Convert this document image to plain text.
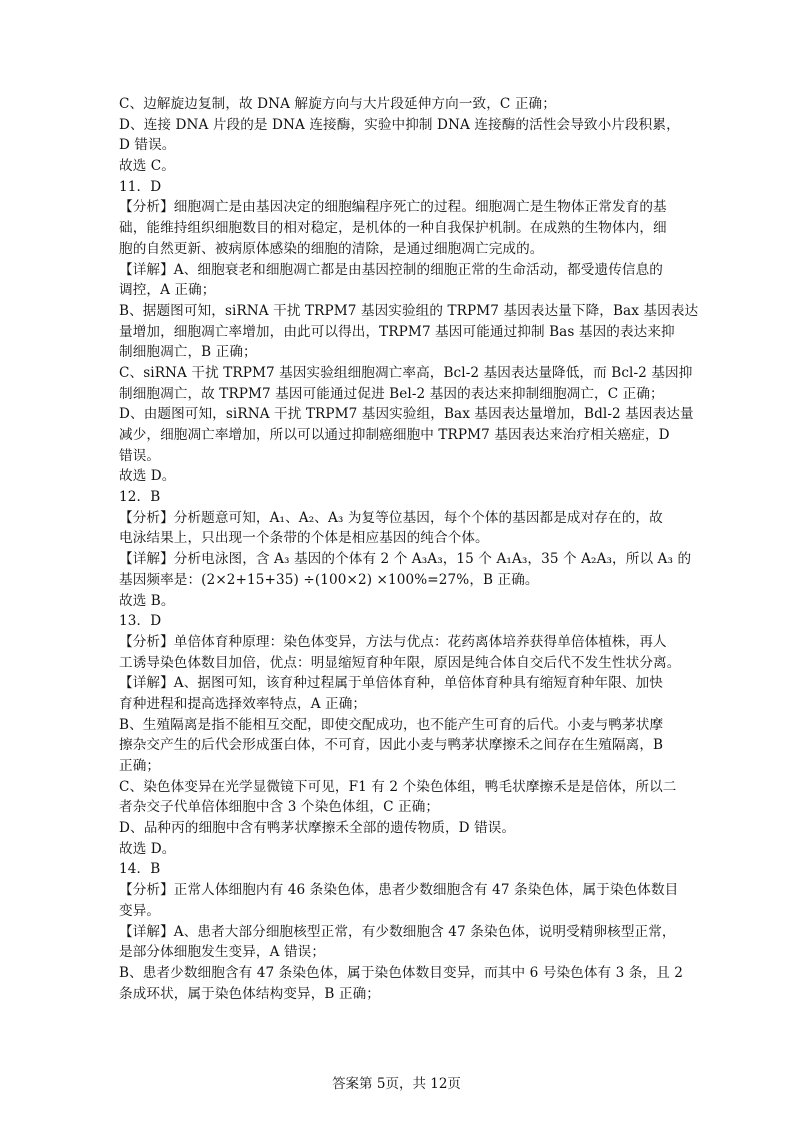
C、边解旋边复制，故 DNA 解旋方向与大片段延伸方向一致，C 正确；
D、连接 DNA 片段的是 DNA 连接酶，实验中抑制 DNA 连接酶的活性会导致小片段积累，
D 错误。
故选 C。
11．D
【分析】细胞凋亡是由基因决定的细胞编程序死亡的过程。细胞凋亡是生物体正常发育的基
础，能维持组织细胞数目的相对稳定，是机体的一种自我保护机制。在成熟的生物体内，细
胞的自然更新、被病原体感染的细胞的清除，是通过细胞凋亡完成的。
【详解】A、细胞衰老和细胞凋亡都是由基因控制的细胞正常的生命活动，都受遗传信息的
调控，A 正确；
B、据题图可知，siRNA 干扰 TRPM7 基因实验组的 TRPM7 基因表达量下降，Bax 基因表达
量增加，细胞凋亡率增加，由此可以得出，TRPM7 基因可能通过抑制 Bas 基因的表达来抑
制细胞凋亡，B 正确；
C、siRNA 干扰 TRPM7 基因实验组细胞凋亡率高，Bcl-2 基因表达量降低，而 Bcl-2 基因抑
制细胞凋亡，故 TRPM7 基因可能通过促进 Bel-2 基因的表达来抑制细胞凋亡，C 正确；
D、由题图可知，siRNA 干扰 TRPM7 基因实验组，Bax 基因表达量增加，Bdl-2 基因表达量
减少，细胞凋亡率增加，所以可以通过抑制癌细胞中 TRPM7 基因表达来治疗相关癌症，D
错误。
故选 D。
12．B
【分析】分析题意可知，A₁、A₂、A₃ 为复等位基因，每个个体的基因都是成对存在的，故
电泳结果上，只出现一个条带的个体是相应基因的纯合个体。
【详解】分析电泳图，含 A₃ 基因的个体有 2 个 A₃A₃，15 个 A₁A₃，35 个 A₂A₃，所以 A₃ 的
基因频率是：(2×2+15+35) ÷(100×2) ×100%=27%，B 正确。
故选 B。
13．D
【分析】单倍体育种原理：染色体变异，方法与优点：花药离体培养获得单倍体植株，再人
工诱导染色体数目加倍，优点：明显缩短育种年限，原因是纯合体自交后代不发生性状分离。
【详解】A、据图可知，该育种过程属于单倍体育种，单倍体育种具有缩短育种年限、加快
育种进程和提高选择效率特点，A 正确；
B、生殖隔离是指不能相互交配，即使交配成功，也不能产生可育的后代。小麦与鸭茅状摩
擦杂交产生的后代会形成蛋白体，不可育，因此小麦与鸭茅状摩擦禾之间存在生殖隔离，B
正确；
C、染色体变异在光学显微镜下可见，F1 有 2 个染色体组，鸭毛状摩擦禾是是倍体，所以二
者杂交子代单倍体细胞中含 3 个染色体组，C 正确；
D、品种丙的细胞中含有鸭茅状摩擦禾全部的遗传物质，D 错误。
故选 D。
14．B
【分析】正常人体细胞内有 46 条染色体，患者少数细胞含有 47 条染色体，属于染色体数目
变异。
【详解】A、患者大部分细胞核型正常，有少数细胞含 47 条染色体，说明受精卵核型正常，
是部分体细胞发生变异，A 错误；
B、患者少数细胞含有 47 条染色体，属于染色体数目变异，而其中 6 号染色体有 3 条，且 2
条成环状，属于染色体结构变异，B 正确；
答案第 5页，共 12页
